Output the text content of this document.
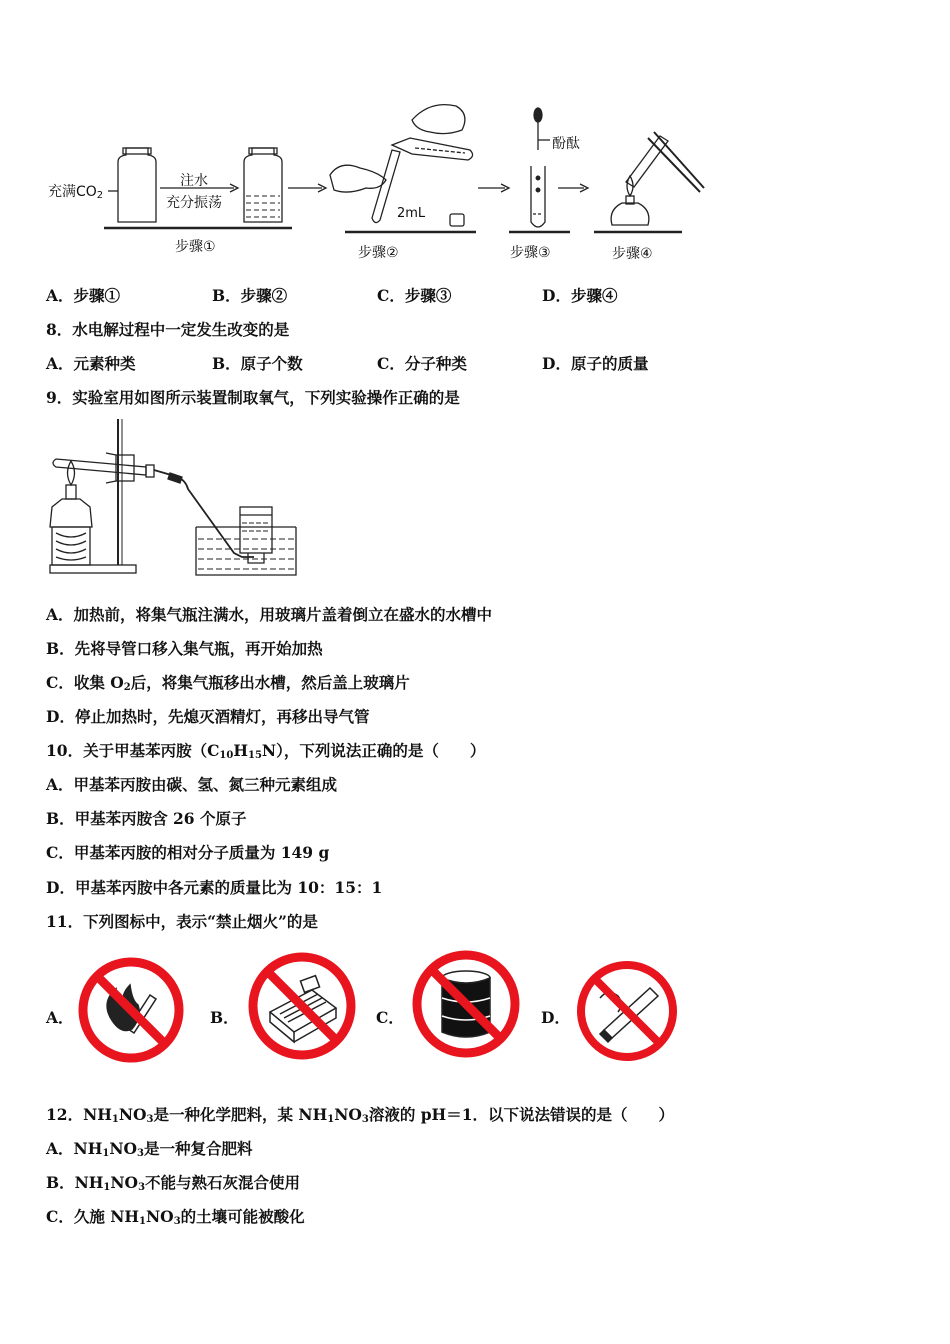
充满$CO_2$
注水
充分振荡
2mL
酚酞
步骤①	步骤②	步骤③	步骤④
A．步骤①	B．步骤②	C．步骤③	D．步骤④
8．水电解过程中一定发生改变的是
A．元素种类	B．原子个数	C．分子种类	D．原子的质量
9．实验室用如图所示装置制取氧气，下列实验操作正确的是
A．加热前，将集气瓶注满水，用玻璃片盖着倒立在盛水的水槽中
B．先将导管口移入集气瓶，再开始加热
C．收集 $O_2$后，将集气瓶移出水槽，然后盖上玻璃片
D．停止加热时，先熄灭酒精灯，再移出导气管
10．关于甲基苯丙胺$(C_{10}H_{15}N)$，下列说法正确的是（　　）
A．甲基苯丙胺由碳、氢、氮三种元素组成
B．甲基苯丙胺含 26 个原子
C．甲基苯丙胺的相对分子质量为 149 g
D．甲基苯丙胺中各元素的质量比为 10：15：1
11．下列图标中，表示“禁止烟火”的是
A．	B．	C．	D．
12．$NH_1NO_3$是一种化学肥料，某 $NH_1NO_3$溶液的 pH＝1．以下说法错误的是（　　）
A．$NH_1NO_3$是一种复合肥料
B．$NH_1NO_3$不能与熟石灰混合使用
C．久施 $NH_1NO_3$的土壤可能被酸化
